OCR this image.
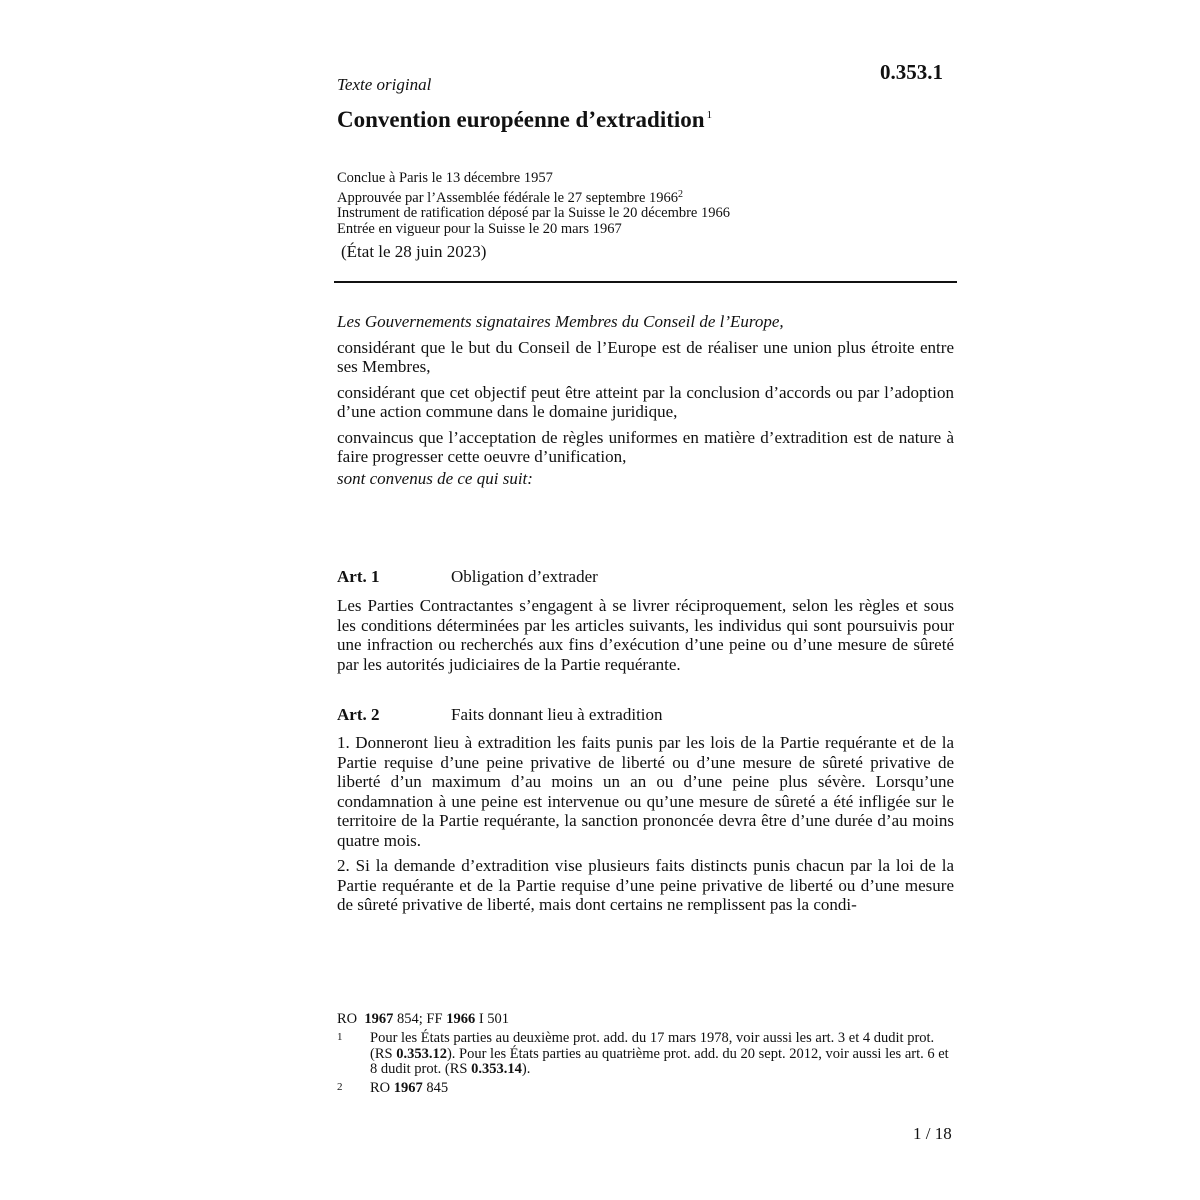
0.353.1
Texte original
Convention européenne d’extradition $^1$
Conclue à Paris le 13 décembre 1957
Approuvée par l’Assemblée fédérale le 27 septembre 1966$^2$
Instrument de ratification déposé par la Suisse le 20 décembre 1966
Entrée en vigueur pour la Suisse le 20 mars 1967
(État le 28 juin 2023)

Les Gouvernements signataires Membres du Conseil de l’Europe,

considérant que le but du Conseil de l’Europe est de réaliser une union plus étroite entre ses Membres,

considérant que cet objectif peut être atteint par la conclusion d’accords ou par l’adoption d’une action commune dans le domaine juridique,

convaincus que l’acceptation de règles uniformes en matière d’extradition est de nature à faire progresser cette oeuvre d’unification,

sont convenus de ce qui suit:

Art. 1	Obligation d’extrader

Les Parties Contractantes s’engagent à se livrer réciproquement, selon les règles et sous les conditions déterminées par les articles suivants, les individus qui sont poursuivis pour une infraction ou recherchés aux fins d’exécution d’une peine ou d’une mesure de sûreté par les autorités judiciaires de la Partie requérante.

Art. 2	Faits donnant lieu à extradition

1. Donneront lieu à extradition les faits punis par les lois de la Partie requérante et de la Partie requise d’une peine privative de liberté ou d’une mesure de sûreté privative de liberté d’un maximum d’au moins un an ou d’une peine plus sévère. Lorsqu’une condamnation à une peine est intervenue ou qu’une mesure de sûreté a été infligée sur le territoire de la Partie requérante, la sanction prononcée devra être d’une durée d’au moins quatre mois.

2. Si la demande d’extradition vise plusieurs faits distincts punis chacun par la loi de la Partie requérante et de la Partie requise d’une peine privative de liberté ou d’une mesure de sûreté privative de liberté, mais dont certains ne remplissent pas la condi-

RO 1967 854; FF 1966 I 501
1	Pour les États parties au deuxième prot. add. du 17 mars 1978, voir aussi les art. 3 et 4 dudit prot. (RS 0.353.12). Pour les États parties au quatrième prot. add. du 20 sept. 2012, voir aussi les art. 6 et 8 dudit prot. (RS 0.353.14).
2	RO 1967 845
1 / 18
